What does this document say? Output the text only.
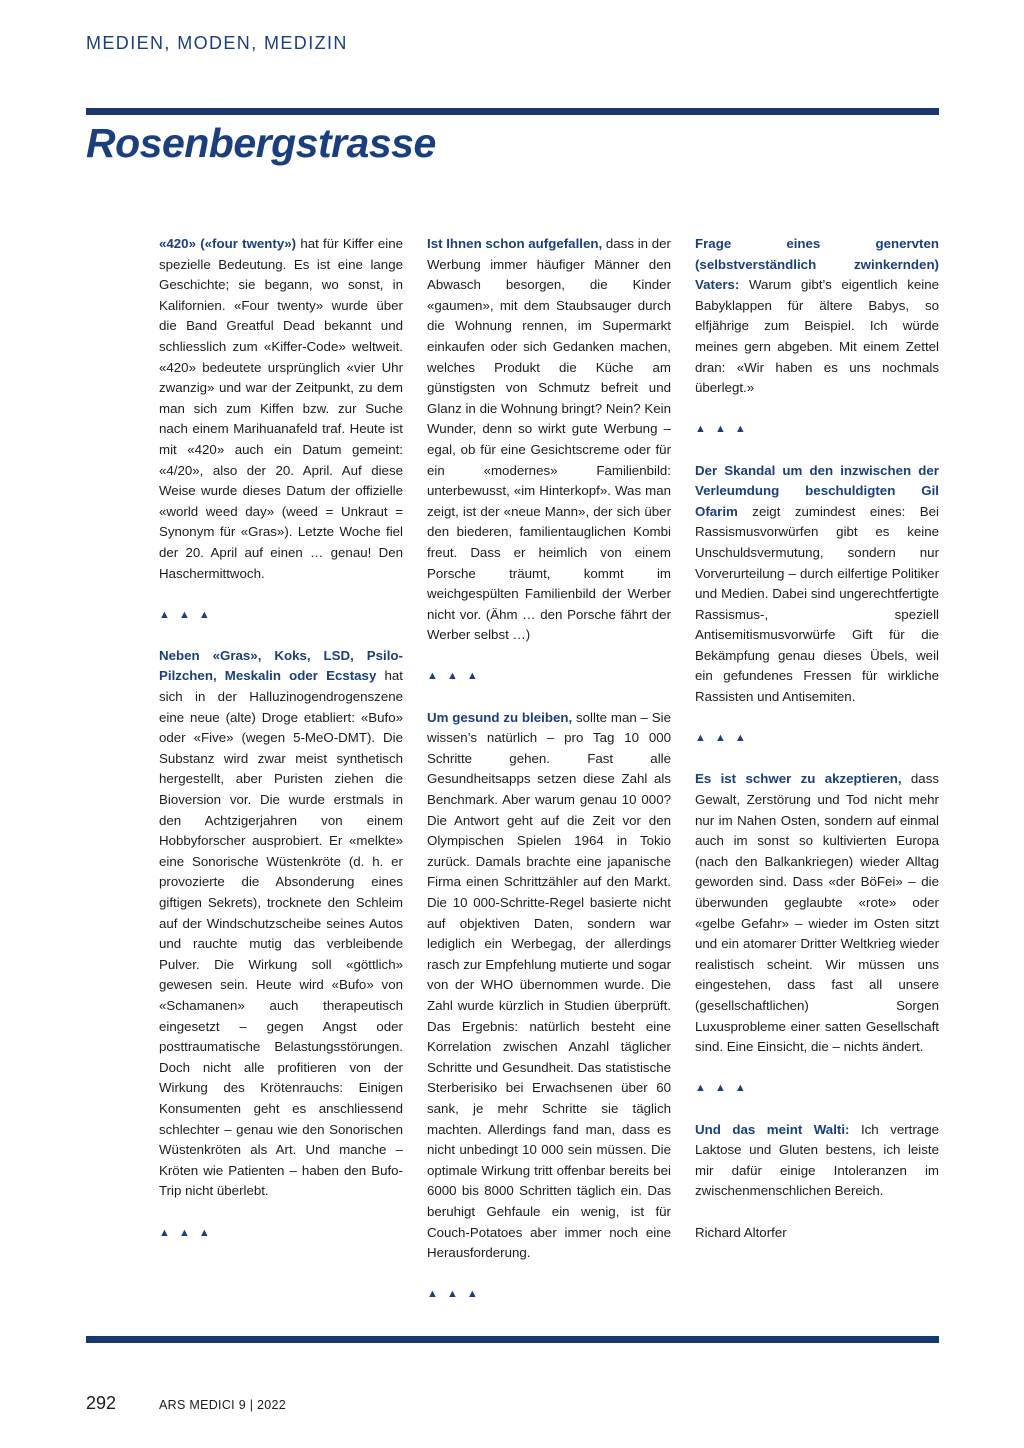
MEDIEN, MODEN, MEDIZIN
Rosenbergstrasse

«420» («four twenty») hat für Kiffer eine spezielle Bedeutung. Es ist eine lange Geschichte; sie begann, wo sonst, in Kalifornien. «Four twenty» wurde über die Band Greatful Dead bekannt und schliesslich zum «Kiffer-Code» weltweit. «420» bedeutete ursprünglich «vier Uhr zwanzig» und war der Zeitpunkt, zu dem man sich zum Kiffen bzw. zur Suche nach einem Marihuanafeld traf. Heute ist mit «420» auch ein Datum gemeint: «4/20», also der 20. April. Auf diese Weise wurde dieses Datum der offizielle «world weed day» (weed = Unkraut = Synonym für «Gras»). Letzte Woche fiel der 20. April auf einen … genau! Den Haschermittwoch.

▲ ▲ ▲

Neben «Gras», Koks, LSD, Psilo-Pilzchen, Meskalin oder Ecstasy hat sich in der Halluzinogendrogenszene eine neue (alte) Droge etabliert: «Bufo» oder «Five» (wegen 5-MeO-DMT). Die Substanz wird zwar meist synthetisch hergestellt, aber Puristen ziehen die Bioversion vor. Die wurde erstmals in den Achtzigerjahren von einem Hobbyforscher ausprobiert. Er «melkte» eine Sonorische Wüstenkröte (d. h. er provozierte die Absonderung eines giftigen Sekrets), trocknete den Schleim auf der Windschutzscheibe seines Autos und rauchte mutig das verbleibende Pulver. Die Wirkung soll «göttlich» gewesen sein. Heute wird «Bufo» von «Schamanen» auch therapeutisch eingesetzt – gegen Angst oder posttraumatische Belastungsstörungen. Doch nicht alle profitieren von der Wirkung des Krötenrauchs: Einigen Konsumenten geht es anschliessend schlechter – genau wie den Sonorischen Wüstenkröten als Art. Und manche – Kröten wie Patienten – haben den Bufo-Trip nicht überlebt.

▲ ▲ ▲

Ist Ihnen schon aufgefallen, dass in der Werbung immer häufiger Männer den Abwasch besorgen, die Kinder «gaumen», mit dem Staubsauger durch die Wohnung rennen, im Supermarkt einkaufen oder sich Gedanken machen, welches Produkt die Küche am günstigsten von Schmutz befreit und Glanz in die Wohnung bringt? Nein? Kein Wunder, denn so wirkt gute Werbung – egal, ob für eine Gesichtscreme oder für ein «modernes» Familienbild: unterbewusst, «im Hinterkopf». Was man zeigt, ist der «neue Mann», der sich über den biederen, familientauglichen Kombi freut. Dass er heimlich von einem Porsche träumt, kommt im weichgespülten Familienbild der Werber nicht vor. (Ähm … den Porsche fährt der Werber selbst …)

▲ ▲ ▲

Um gesund zu bleiben, sollte man – Sie wissen’s natürlich – pro Tag 10 000 Schritte gehen. Fast alle Gesundheitsapps setzen diese Zahl als Benchmark. Aber warum genau 10 000? Die Antwort geht auf die Zeit vor den Olympischen Spielen 1964 in Tokio zurück. Damals brachte eine japanische Firma einen Schrittzähler auf den Markt. Die 10 000-Schritte-Regel basierte nicht auf objektiven Daten, sondern war lediglich ein Werbegag, der allerdings rasch zur Empfehlung mutierte und sogar von der WHO übernommen wurde. Die Zahl wurde kürzlich in Studien überprüft. Das Ergebnis: natürlich besteht eine Korrelation zwischen Anzahl täglicher Schritte und Gesundheit. Das statistische Sterberisiko bei Erwachsenen über 60 sank, je mehr Schritte sie täglich machten. Allerdings fand man, dass es nicht unbedingt 10 000 sein müssen. Die optimale Wirkung tritt offenbar bereits bei 6000 bis 8000 Schritten täglich ein. Das beruhigt Gehfaule ein wenig, ist für Couch-Potatoes aber immer noch eine Herausforderung.

▲ ▲ ▲

Frage eines genervten (selbstverständlich zwinkernden) Vaters: Warum gibt’s eigentlich keine Babyklappen für ältere Babys, so elfjährige zum Beispiel. Ich würde meines gern abgeben. Mit einem Zettel dran: «Wir haben es uns nochmals überlegt.»

▲ ▲ ▲

Der Skandal um den inzwischen der Verleumdung beschuldigten Gil Ofarim zeigt zumindest eines: Bei Rassismusvorwürfen gibt es keine Unschuldsvermutung, sondern nur Vorverurteilung – durch eilfertige Politiker und Medien. Dabei sind ungerechtfertigte Rassismus-, speziell Antisemitismusvorwürfe Gift für die Bekämpfung genau dieses Übels, weil ein gefundenes Fressen für wirkliche Rassisten und Antisemiten.

▲ ▲ ▲

Es ist schwer zu akzeptieren, dass Gewalt, Zerstörung und Tod nicht mehr nur im Nahen Osten, sondern auf einmal auch im sonst so kultivierten Europa (nach den Balkankriegen) wieder Alltag geworden sind. Dass «der BöFei» – die überwunden geglaubte «rote» oder «gelbe Gefahr» – wieder im Osten sitzt und ein atomarer Dritter Weltkrieg wieder realistisch scheint. Wir müssen uns eingestehen, dass fast all unsere (gesellschaftlichen) Sorgen Luxusprobleme einer satten Gesellschaft sind. Eine Einsicht, die – nichts ändert.

▲ ▲ ▲

Und das meint Walti: Ich vertrage Laktose und Gluten bestens, ich leiste mir dafür einige Intoleranzen im zwischenmenschlichen Bereich.

Richard Altorfer

292	ARS MEDICI 9 | 2022
